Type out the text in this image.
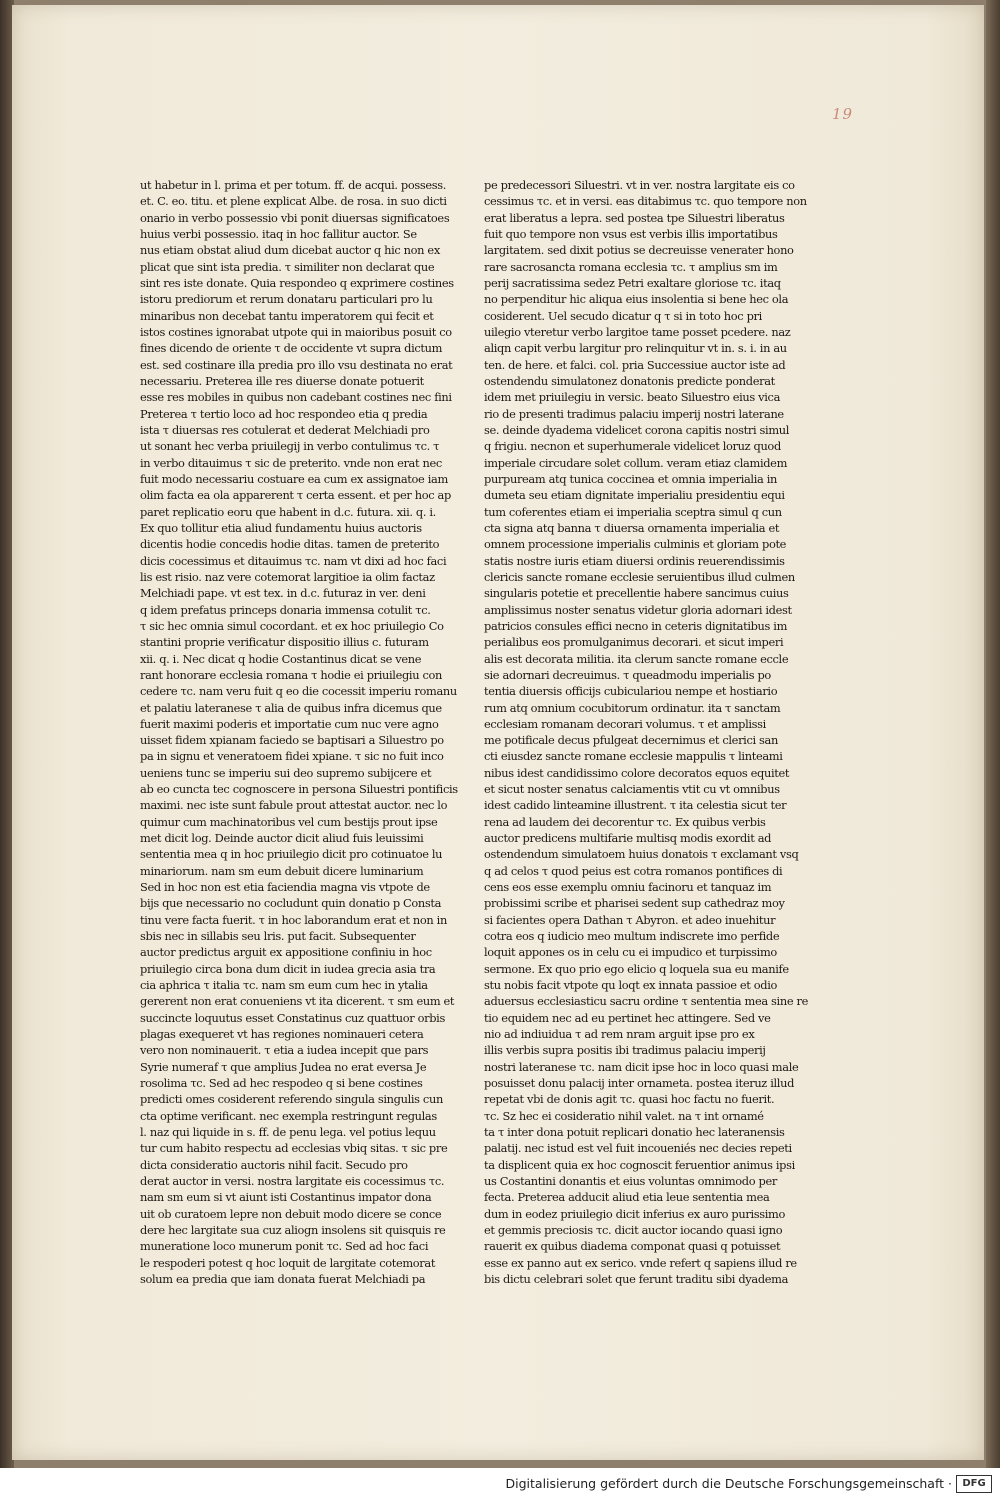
19
ut habetur in l. prima et per totum. ff. de acqui. possess.
et. C. eo. titu. et plene explicat Albe. de rosa. in suo dicti
onario in verbo possessio vbi ponit diuersas significatoes
huius verbi possessio. itaq in hoc fallitur auctor. Se
nus etiam obstat aliud dum dicebat auctor q hic non ex
plicat que sint ista predia. τ similiter non declarat que
sint res iste donate. Quia respondeo q exprimere costines
istoru prediorum et rerum donataru particulari pro lu
minaribus non decebat tantu imperatorem qui fecit et
istos costines ignorabat utpote qui in maioribus posuit co
fines dicendo de oriente τ de occidente vt supra dictum
est. sed costinare illa predia pro illo vsu destinata no erat
necessariu. Preterea ille res diuerse donate potuerit
esse res mobiles in quibus non cadebant costines nec fini
Preterea τ tertio loco ad hoc respondeo etia q predia
ista τ diuersas res cotulerat et dederat Melchiadi pro
ut sonant hec verba priuilegij in verbo contulimus τc. τ
in verbo ditauimus τ sic de preterito. vnde non erat nec
fuit modo necessariu costuare ea cum ex assignatoe iam
olim facta ea ola apparerent τ certa essent. et per hoc ap
paret replicatio eoru que habent in d.c. futura. xii. q. i.
Ex quo tollitur etia aliud fundamentu huius auctoris
dicentis hodie concedis hodie ditas. tamen de preterito
dicis cocessimus et ditauimus τc. nam vt dixi ad hoc faci
lis est risio. naz vere cotemorat largitioe ia olim factaz
Melchiadi pape. vt est tex. in d.c. futuraz in ver. deni
q idem prefatus princeps donaria immensa cotulit τc.
τ sic hec omnia simul cocordant. et ex hoc priuilegio Co
stantini proprie verificatur dispositio illius c. futuram
xii. q. i. Nec dicat q hodie Costantinus dicat se vene
rant honorare ecclesia romana τ hodie ei priuilegiu con
cedere τc. nam veru fuit q eo die cocessit imperiu romanu
et palatiu lateranese τ alia de quibus infra dicemus que
fuerit maximi poderis et importatie cum nuc vere agno
uisset fidem xpianam faciedo se baptisari a Siluestro po
pa in signu et veneratoem fidei xpiane. τ sic no fuit inco
ueniens tunc se imperiu sui deo supremo subijcere et
ab eo cuncta tec cognoscere in persona Siluestri pontificis
maximi. nec iste sunt fabule prout attestat auctor. nec lo
quimur cum machinatoribus vel cum bestijs prout ipse
met dicit log. Deinde auctor dicit aliud fuis leuissimi
sententia mea q in hoc priuilegio dicit pro cotinuatoe lu
minariorum. nam sm eum debuit dicere luminarium
Sed in hoc non est etia faciendia magna vis vtpote de
bijs que necessario no cocludunt quin donatio p Consta
tinu vere facta fuerit. τ in hoc laborandum erat et non in
sbis nec in sillabis seu lris. put facit. Subsequenter
auctor predictus arguit ex appositione confiniu in hoc
priuilegio circa bona dum dicit in iudea grecia asia tra
cia aphrica τ italia τc. nam sm eum cum hec in ytalia
gererent non erat conueniens vt ita dicerent. τ sm eum et
succincte loquutus esset Constatinus cuz quattuor orbis
plagas exequeret vt has regiones nominaueri cetera
vero non nominauerit. τ etia a iudea incepit que pars
Syrie numeraf τ que amplius Judea no erat eversa Je
rosolima τc. Sed ad hec respodeo q si bene costines
predicti omes cosiderent referendo singula singulis cun
cta optime verificant. nec exempla restringunt regulas
l. naz qui liquide in s. ff. de penu lega. vel potius lequu
tur cum habito respectu ad ecclesias vbiq sitas. τ sic pre
dicta consideratio auctoris nihil facit. Secudo pro
derat auctor in versi. nostra largitate eis cocessimus τc.
nam sm eum si vt aiunt isti Costantinus impator dona
uit ob curatoem lepre non debuit modo dicere se conce
dere hec largitate sua cuz aliogn insolens sit quisquis re
muneratione loco munerum ponit τc. Sed ad hoc faci
le respoderi potest q hoc loquit de largitate cotemorat
solum ea predia que iam donata fuerat Melchiadi pa
pe predecessori Siluestri. vt in ver. nostra largitate eis co
cessimus τc. et in versi. eas ditabimus τc. quo tempore non
erat liberatus a lepra. sed postea tpe Siluestri liberatus
fuit quo tempore non vsus est verbis illis importatibus
largitatem. sed dixit potius se decreuisse venerater hono
rare sacrosancta romana ecclesia τc. τ amplius sm im
perij sacratissima sedez Petri exaltare gloriose τc. itaq
no perpenditur hic aliqua eius insolentia si bene hec ola
cosiderent. Uel secudo dicatur q τ si in toto hoc pri
uilegio vteretur verbo largitoe tame posset pcedere. naz
aliqn capit verbu largitur pro relinquitur vt in. s. i. in au
ten. de here. et falci. col. pria Successiue auctor iste ad
ostendendu simulatonez donatonis predicte ponderat
idem met priuilegiu in versic. beato Siluestro eius vica
rio de presenti tradimus palaciu imperij nostri laterane
se. deinde dyadema videlicet corona capitis nostri simul
q frigiu. necnon et superhumerale videlicet loruz quod
imperiale circudare solet collum. veram etiaz clamidem
purpuream atq tunica coccinea et omnia imperialia in
dumeta seu etiam dignitate imperialiu presidentiu equi
tum coferentes etiam ei imperialia sceptra simul q cun
cta signa atq banna τ diuersa ornamenta imperialia et
omnem processione imperialis culminis et gloriam pote
statis nostre iuris etiam diuersi ordinis reuerendissimis
clericis sancte romane ecclesie seruientibus illud culmen
singularis potetie et precellentie habere sancimus cuius
amplissimus noster senatus videtur gloria adornari idest
patricios consules effici necno in ceteris dignitatibus im
perialibus eos promulganimus decorari. et sicut imperi
alis est decorata militia. ita clerum sancte romane eccle
sie adornari decreuimus. τ queadmodu imperialis po
tentia diuersis officijs cubiculariou nempe et hostiario
rum atq omnium cocubitorum ordinatur. ita τ sanctam
ecclesiam romanam decorari volumus. τ et amplissi
me potificale decus pfulgeat decernimus et clerici san
cti eiusdez sancte romane ecclesie mappulis τ linteami
nibus idest candidissimo colore decoratos equos equitet
et sicut noster senatus calciamentis vtit cu vt omnibus
idest cadido linteamine illustrent. τ ita celestia sicut ter
rena ad laudem dei decorentur τc. Ex quibus verbis
auctor predicens multifarie multisq modis exordit ad
ostendendum simulatoem huius donatois τ exclamant vsq
q ad celos τ quod peius est cotra romanos pontifices di
cens eos esse exemplu omniu facinoru et tanquaz im
probissimi scribe et pharisei sedent sup cathedraz moy
si facientes opera Dathan τ Abyron. et adeo inuehitur
cotra eos q iudicio meo multum indiscrete imo perfide
loquit appones os in celu cu ei impudico et turpissimo
sermone. Ex quo prio ego elicio q loquela sua eu manife
stu nobis facit vtpote qu loqt ex innata passioe et odio
aduersus ecclesiasticu sacru ordine τ sententia mea sine re
tio equidem nec ad eu pertinet hec attingere. Sed ve
nio ad indiuidua τ ad rem nram arguit ipse pro ex
illis verbis supra positis ibi tradimus palaciu imperij
nostri lateranese τc. nam dicit ipse hoc in loco quasi male
posuisset donu palacij inter ornameta. postea iteruz illud
repetat vbi de donis agit τc. quasi hoc factu no fuerit.
τc. Sz hec ei cosideratio nihil valet. na τ int ornamé
ta τ inter dona potuit replicari donatio hec lateranensis
palatij. nec istud est vel fuit incoueniés nec decies repeti
ta displicent quia ex hoc cognoscit feruentior animus ipsi
us Costantini donantis et eius voluntas omnimodo per
fecta. Preterea adducit aliud etia leue sententia mea
dum in eodez priuilegio dicit inferius ex auro purissimo
et gemmis preciosis τc. dicit auctor iocando quasi igno
rauerit ex quibus diadema componat quasi q potuisset
esse ex panno aut ex serico. vnde refert q sapiens illud re
bis dictu celebrari solet que ferunt traditu sibi dyadema
Digitalisierung gefördert durch die Deutsche Forschungsgemeinschaft ·	DFG
